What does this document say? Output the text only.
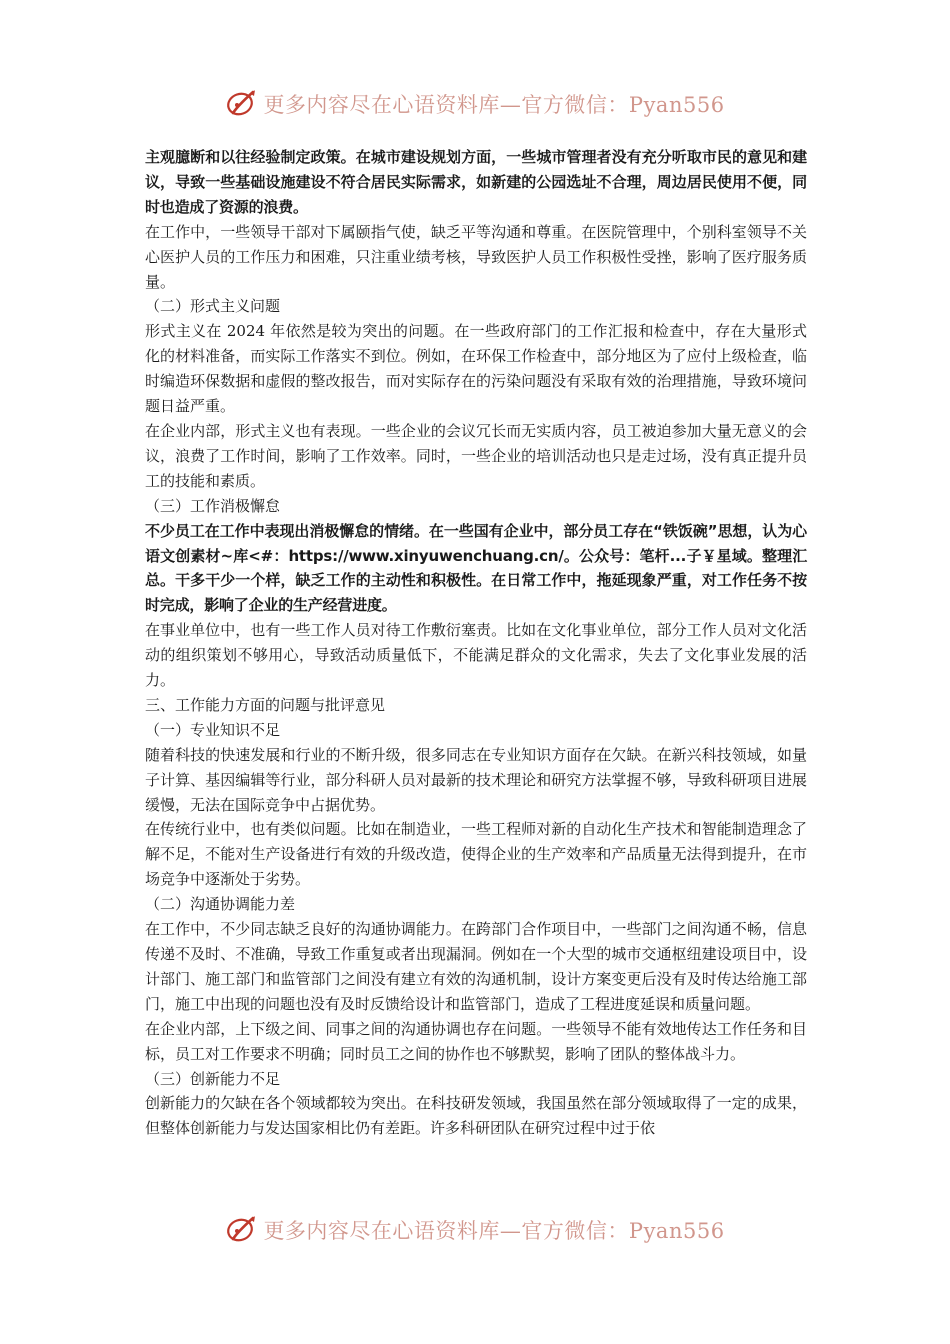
更多内容尽在心语资料库—官方微信：Pyan556

主观臆断和以往经验制定政策。在城市建设规划方面，一些城市管理者没有充分听取市民的意见和建议，导致一些基础设施建设不符合居民实际需求，如新建的公园选址不合理，周边居民使用不便，同时也造成了资源的浪费。

在工作中，一些领导干部对下属颐指气使，缺乏平等沟通和尊重。在医院管理中，个别科室领导不关心医护人员的工作压力和困难，只注重业绩考核，导致医护人员工作积极性受挫，影响了医疗服务质量。

（二）形式主义问题

形式主义在 2024 年依然是较为突出的问题。在一些政府部门的工作汇报和检查中，存在大量形式化的材料准备，而实际工作落实不到位。例如，在环保工作检查中，部分地区为了应付上级检查，临时编造环保数据和虚假的整改报告，而对实际存在的污染问题没有采取有效的治理措施，导致环境问题日益严重。

在企业内部，形式主义也有表现。一些企业的会议冗长而无实质内容，员工被迫参加大量无意义的会议，浪费了工作时间，影响了工作效率。同时，一些企业的培训活动也只是走过场，没有真正提升员工的技能和素质。

（三）工作消极懈怠

不少员工在工作中表现出消极懈怠的情绪。在一些国有企业中，部分员工存在“铁饭碗”思想，认为心语文创素材~库<#：https://www.xinyuwenchuang.cn/。公众号：笔杆...子￥星域。整理汇总。干多干少一个样，缺乏工作的主动性和积极性。在日常工作中，拖延现象严重，对工作任务不按时完成，影响了企业的生产经营进度。

在事业单位中，也有一些工作人员对待工作敷衍塞责。比如在文化事业单位，部分工作人员对文化活动的组织策划不够用心，导致活动质量低下，不能满足群众的文化需求，失去了文化事业发展的活力。

三、工作能力方面的问题与批评意见

（一）专业知识不足

随着科技的快速发展和行业的不断升级，很多同志在专业知识方面存在欠缺。在新兴科技领域，如量子计算、基因编辑等行业，部分科研人员对最新的技术理论和研究方法掌握不够，导致科研项目进展缓慢，无法在国际竞争中占据优势。

在传统行业中，也有类似问题。比如在制造业，一些工程师对新的自动化生产技术和智能制造理念了解不足，不能对生产设备进行有效的升级改造，使得企业的生产效率和产品质量无法得到提升，在市场竞争中逐渐处于劣势。

（二）沟通协调能力差

在工作中，不少同志缺乏良好的沟通协调能力。在跨部门合作项目中，一些部门之间沟通不畅，信息传递不及时、不准确，导致工作重复或者出现漏洞。例如在一个大型的城市交通枢纽建设项目中，设计部门、施工部门和监管部门之间没有建立有效的沟通机制，设计方案变更后没有及时传达给施工部门，施工中出现的问题也没有及时反馈给设计和监管部门，造成了工程进度延误和质量问题。

在企业内部，上下级之间、同事之间的沟通协调也存在问题。一些领导不能有效地传达工作任务和目标，员工对工作要求不明确；同时员工之间的协作也不够默契，影响了团队的整体战斗力。

（三）创新能力不足

创新能力的欠缺在各个领域都较为突出。在科技研发领域，我国虽然在部分领域取得了一定的成果，但整体创新能力与发达国家相比仍有差距。许多科研团队在研究过程中过于依

更多内容尽在心语资料库—官方微信：Pyan556
